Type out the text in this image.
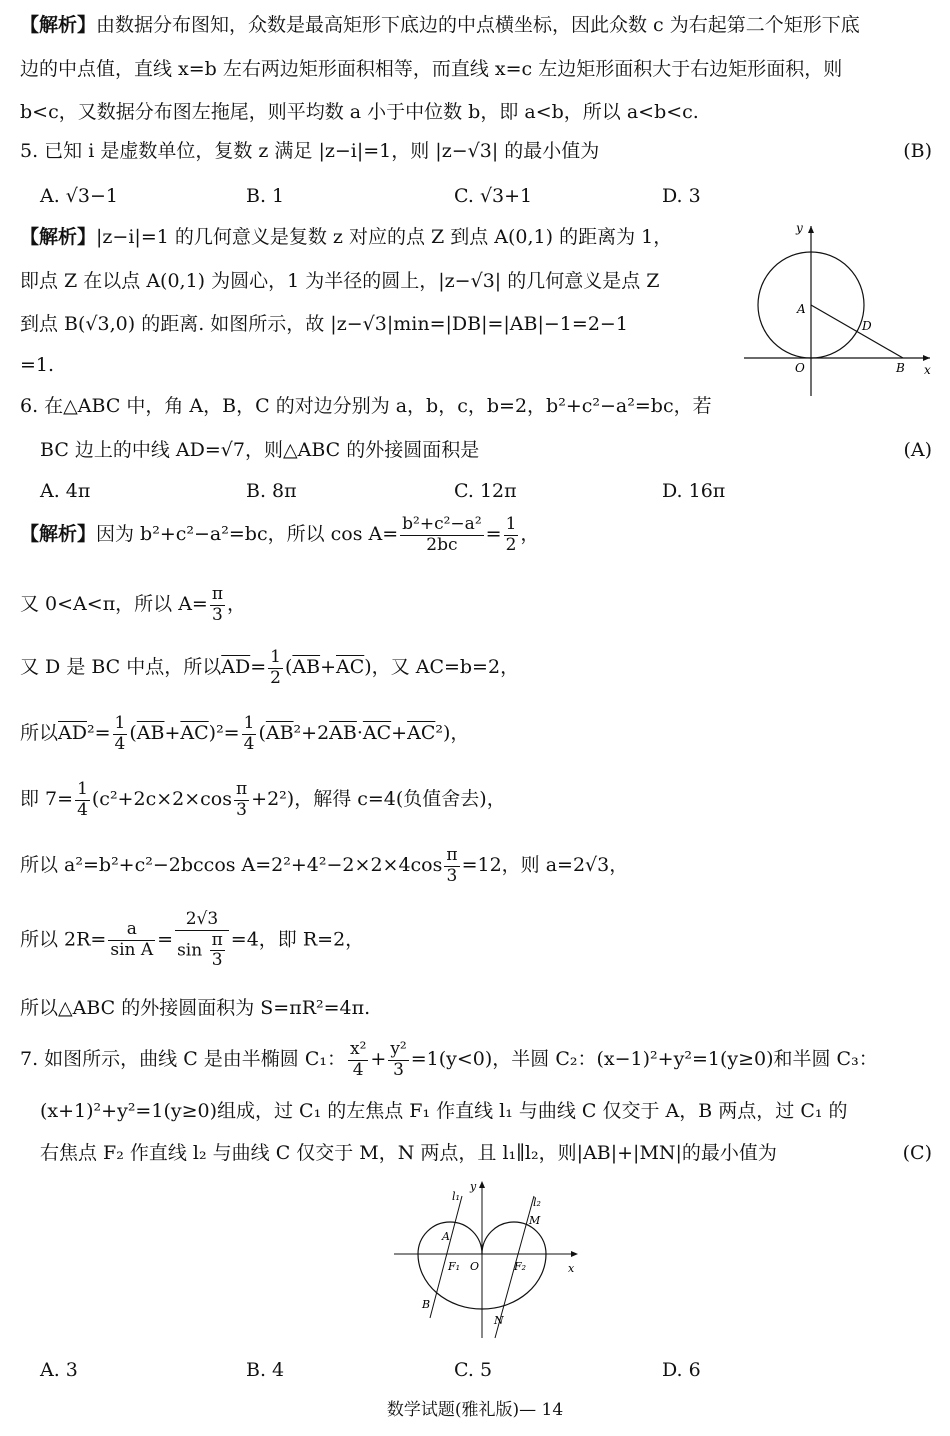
【解析】由数据分布图知，众数是最高矩形下底边的中点横坐标，因此众数 c 为右起第二个矩形下底
边的中点值，直线 x=b 左右两边矩形面积相等，而直线 x=c 左边矩形面积大于右边矩形面积，则
b<c，又数据分布图左拖尾，则平均数 a 小于中位数 b，即 a<b，所以 a<b<c.
5. 已知 i 是虚数单位，复数 z 满足 |z−i|=1，则 |z−√3| 的最小值为	(B)
A. √3−1	B. 1	C. √3+1	D. 3
【解析】|z−i|=1 的几何意义是复数 z 对应的点 Z 到点 A(0,1) 的距离为 1，
即点 Z 在以点 A(0,1) 为圆心，1 为半径的圆上，|z−√3| 的几何意义是点 Z
到点 B(√3,0) 的距离. 如图所示，故 |z−√3|min=|DB|=|AB|−1=2−1
=1.
y
x
O
A
D
B
6. 在△ABC 中，角 A，B，C 的对边分别为 a，b，c，b=2，b²+c²−a²=bc，若
BC 边上的中线 AD=√7，则△ABC 的外接圆面积是	(A)
A. 4π	B. 8π	C. 12π	D. 16π
【解析】因为 b²+c²−a²=bc，所以 $\cos A= \frac{\text{b²+c²−a²}}{2bc} = \frac{1}{2}$ ，
又 0<A<π，所以 $A= \frac{\pi}{3}$ ，
又 D 是 BC 中点，所以$\overline{AD}= \frac{1}{2} (\overline{AB}+\overline{AC})$，又 AC=b=2，
所以$\overline{AD}^2= \frac{1}{4} (\overline{AB}+\overline{AC})^2= \frac{1}{4} (\overline{AB}^2+2\overline{AB}\cdot\overline{AC}+\overline{AC}^2)$，
即 $7= \frac{1}{4} (c^2+2c\times 2\times\cos \frac{\pi}{3} +2^2)$，解得 c=4(负值舍去)，
所以 a²=b²+c²−2bccos $A=2^2+4^2-2\times 2\times 4\cos \frac{\pi}{3} =12$，则 a=2√3，
所以 $2R= \frac{a}{\text{sin A}} = \frac{2√3}{\sin \frac{\pi}{3}} =4$，即 R=2，
所以△ABC 的外接圆面积为 S=πR²=4π.
7. 如图所示，曲线 C 是由半椭圆 C₁： $\frac{\text{x²}}{4} + \frac{\text{y²}}{3} =1(y<0)$，半圆 C₂：(x−1)²+y²=1(y≥0)和半圆 C₃：
(x+1)²+y²=1(y≥0)组成，过 C₁ 的左焦点 F₁ 作直线 l₁ 与曲线 C 仅交于 A，B 两点，过 C₁ 的
右焦点 F₂ 作直线 l₂ 与曲线 C 仅交于 M，N 两点，且 l₁∥l₂，则|AB|+|MN|的最小值为	(C)
y
x
O
l₁	l₂
A
B
M
N
F₁	F₂
A. 3	B. 4	C. 5	D. 6
数学试题(雅礼版)— 14
